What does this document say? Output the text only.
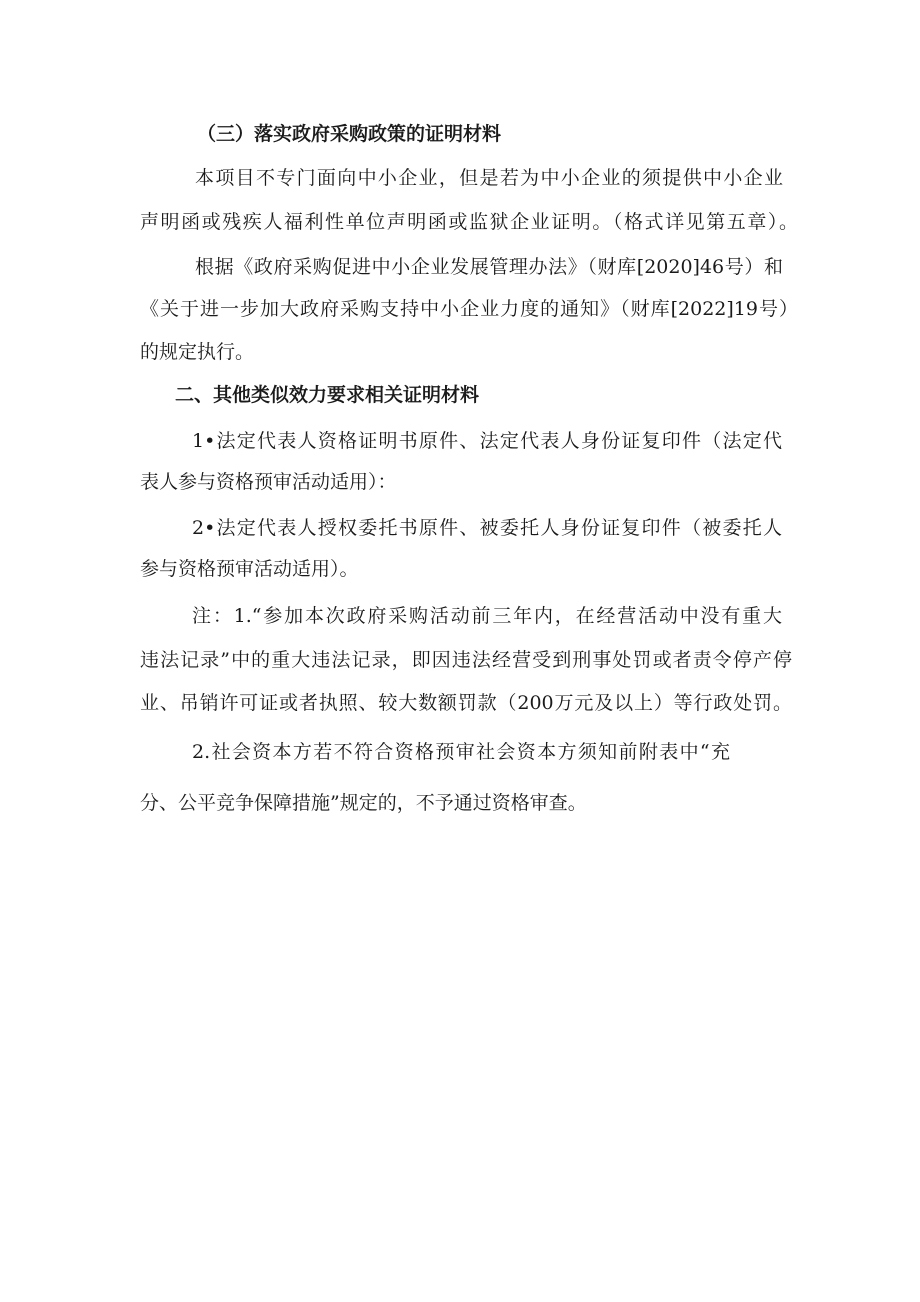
（三）落实政府采购政策的证明材料
本项目不专门面向中小企业，但是若为中小企业的须提供中小企业
声明函或残疾人福利性单位声明函或监狱企业证明。（格式详见第五章）。
根据《政府采购促进中小企业发展管理办法》（财库[2020]46号）和
《关于进一步加大政府采购支持中小企业力度的通知》（财库[2022]19号）
的规定执行。
二、其他类似效力要求相关证明材料
1•法定代表人资格证明书原件、法定代表人身份证复印件（法定代
表人参与资格预审活动适用）：
2•法定代表人授权委托书原件、被委托人身份证复印件（被委托人
参与资格预审活动适用）。
注：1.“参加本次政府采购活动前三年内，在经营活动中没有重大
违法记录”中的重大违法记录，即因违法经营受到刑事处罚或者责令停产停
业、吊销许可证或者执照、较大数额罚款（200万元及以上）等行政处罚。
2.社会资本方若不符合资格预审社会资本方须知前附表中“充
分、公平竞争保障措施”规定的，不予通过资格审查。
